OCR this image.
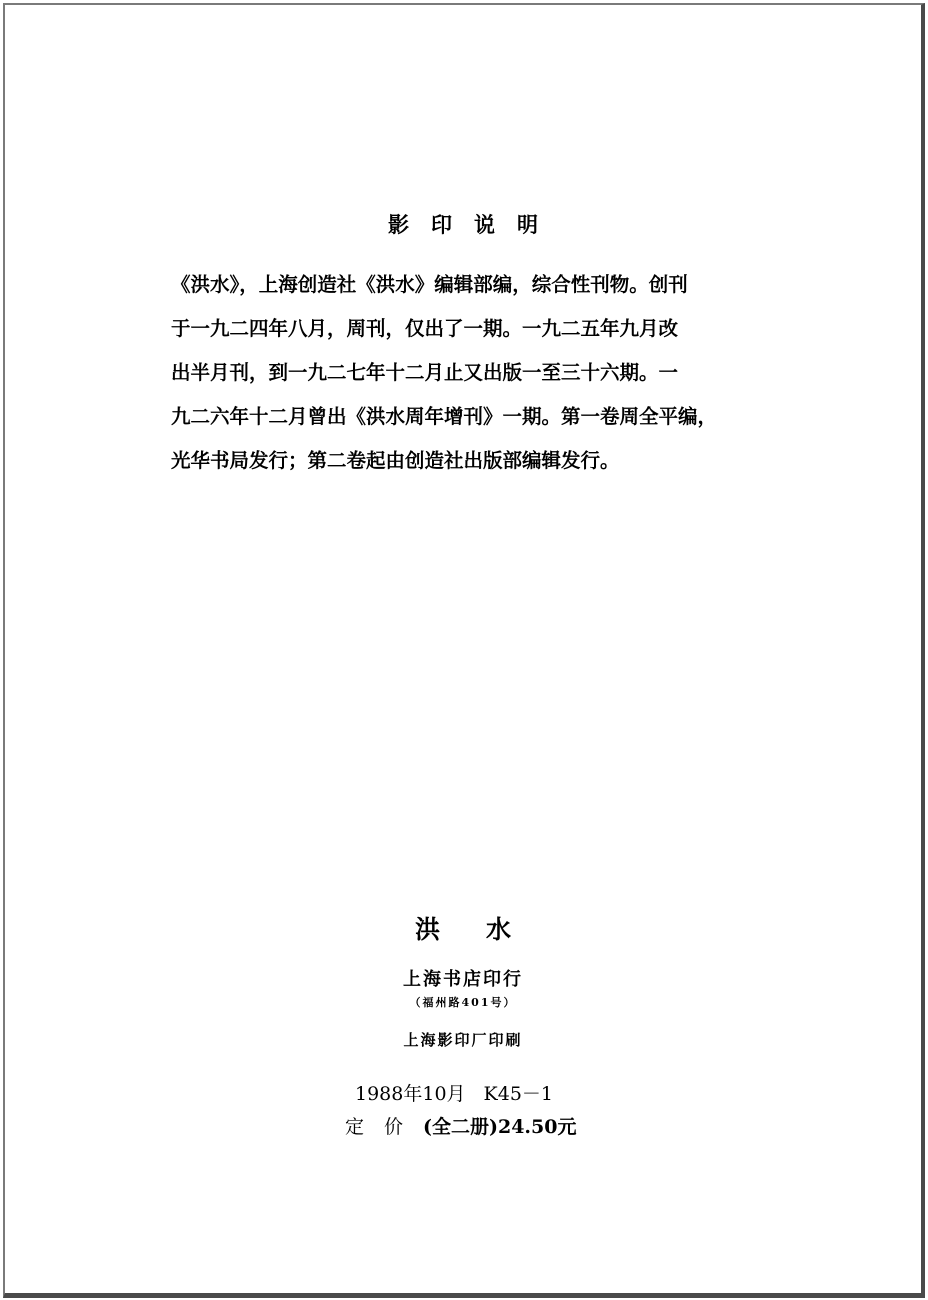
影印说明

《洪水》，上海创造社《洪水》编辑部编，综合性刊物。创刊
于一九二四年八月，周刊，仅出了一期。一九二五年九月改
出半月刊，到一九二七年十二月止又出版一至三十六期。一
九二六年十二月曾出《洪水周年增刊》一期。第一卷周全平编，
光华书局发行；第二卷起由创造社出版部编辑发行。

洪水
上海书店印行
（福州路401号）
上海影印厂印刷
1988年10月 K45－1
定价(全二册)24.50元
